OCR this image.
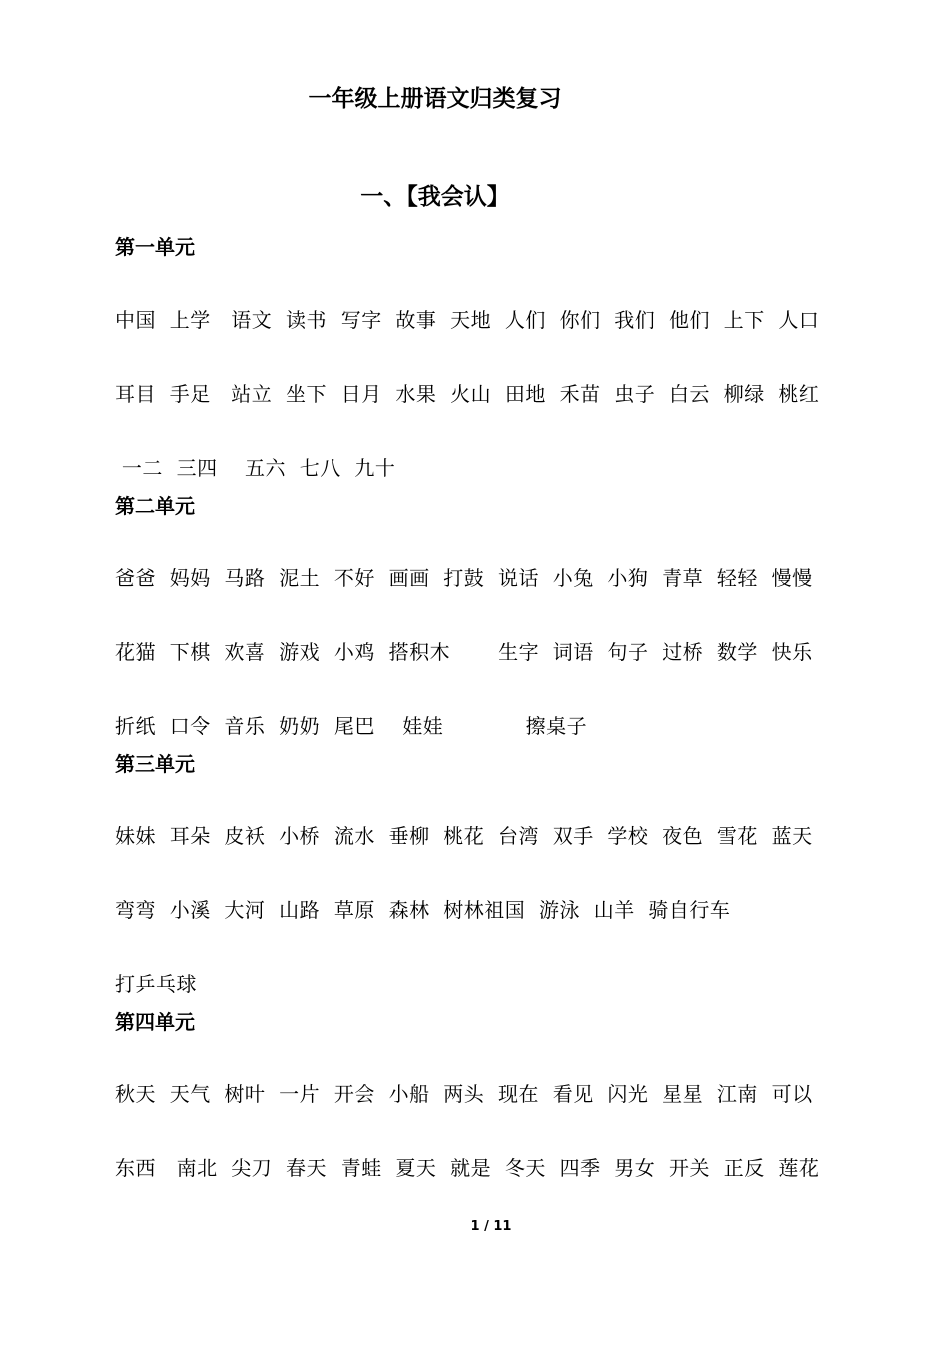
一年级上册语文归类复习
一、【我会认】
第一单元
中国  上学   语文  读书  写字  故事  天地  人们  你们  我们  他们  上下  人口
耳目  手足   站立  坐下  日月  水果  火山  田地  禾苗  虫子  白云  柳绿  桃红
一二  三四    五六  七八  九十
第二单元
爸爸  妈妈  马路  泥土  不好  画画  打鼓  说话  小兔  小狗  青草  轻轻  慢慢
花猫  下棋  欢喜  游戏  小鸡  搭积木       生字  词语  句子  过桥  数学  快乐
折纸  口令  音乐  奶奶  尾巴    娃娃            擦桌子
第三单元
妹妹  耳朵  皮袄  小桥  流水  垂柳  桃花  台湾  双手  学校  夜色  雪花  蓝天
弯弯  小溪  大河  山路  草原  森林  树林祖国  游泳  山羊  骑自行车
打乒乓球
第四单元
秋天  天气  树叶  一片  开会  小船  两头  现在  看见  闪光  星星  江南  可以
东西   南北  尖刀  春天  青蛙  夏天  就是  冬天  四季  男女  开关  正反  莲花
1 / 11
